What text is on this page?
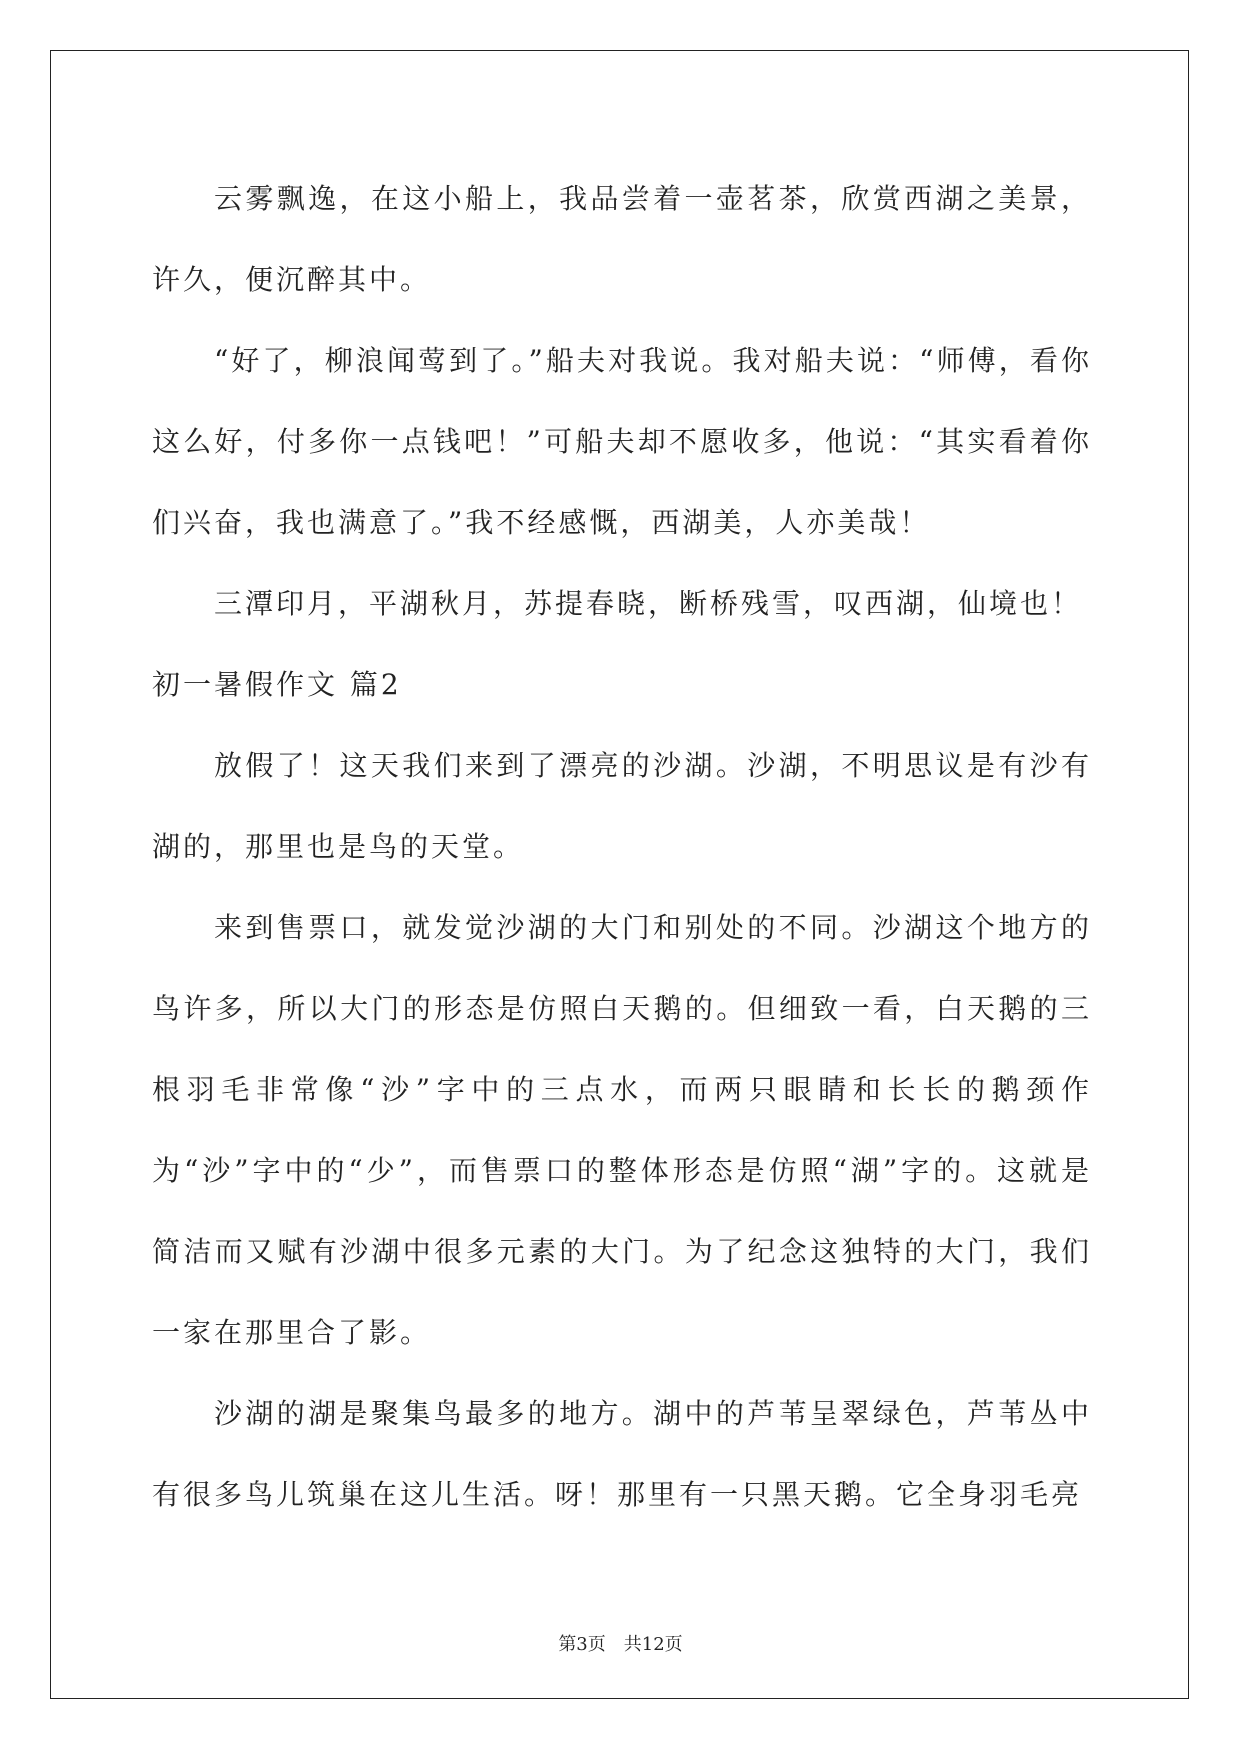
云雾飘逸，在这小船上，我品尝着一壶茗茶，欣赏西湖之美景，许久，便沉醉其中。

“好了，柳浪闻莺到了。”船夫对我说。我对船夫说：“师傅，看你这么好，付多你一点钱吧！”可船夫却不愿收多，他说：“其实看着你们兴奋，我也满意了。”我不经感慨，西湖美，人亦美哉！

三潭印月，平湖秋月，苏提春晓，断桥残雪，叹西湖，仙境也！

初一暑假作文 篇2

放假了！这天我们来到了漂亮的沙湖。沙湖，不明思议是有沙有湖的，那里也是鸟的天堂。

来到售票口，就发觉沙湖的大门和别处的不同。沙湖这个地方的鸟许多，所以大门的形态是仿照白天鹅的。但细致一看，白天鹅的三根羽毛非常像“沙”字中的三点水，而两只眼睛和长长的鹅颈作为“沙”字中的“少”，而售票口的整体形态是仿照“湖”字的。这就是简洁而又赋有沙湖中很多元素的大门。为了纪念这独特的大门，我们一家在那里合了影。

沙湖的湖是聚集鸟最多的地方。湖中的芦苇呈翠绿色，芦苇丛中有很多鸟儿筑巢在这儿生活。呀！那里有一只黑天鹅。它全身羽毛亮

第3页　共12页
